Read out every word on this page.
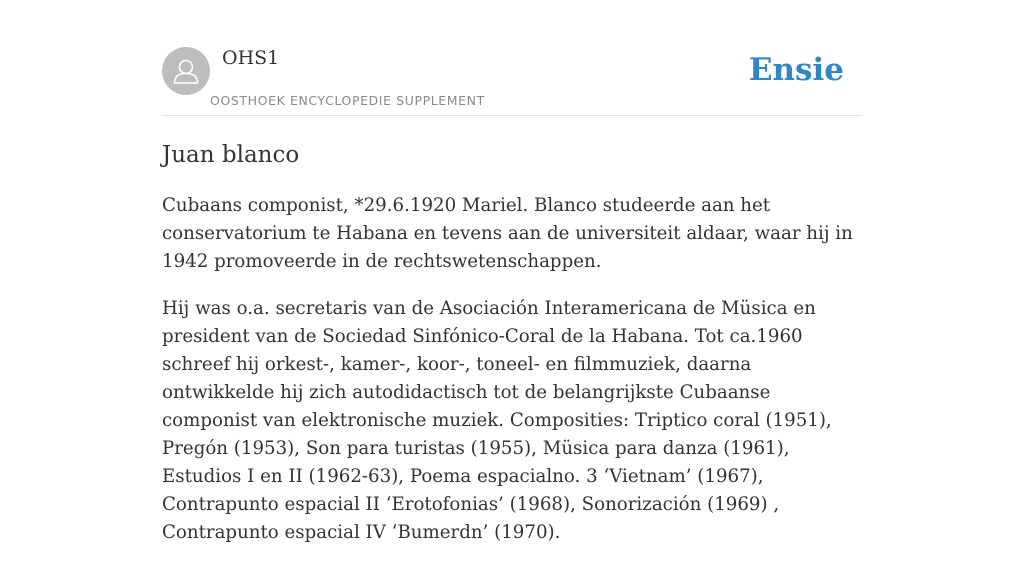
OHS1
OOSTHOEK ENCYCLOPEDIE SUPPLEMENT
Ensie
Juan blanco

Cubaans componist, *29.6.1920 Mariel. Blanco studeerde aan het conservatorium te Habana en tevens aan de universiteit aldaar, waar hij in 1942 promoveerde in de rechtswetenschappen.

Hij was o.a. secretaris van de Asociación Interamericana de Müsica en president van de Sociedad Sinfónico-Coral de la Habana. Tot ca.1960 schreef hij orkest-, kamer-, koor-, toneel- en filmmuziek, daarna ontwikkelde hij zich autodidactisch tot de belangrijkste Cubaanse componist van elektronische muziek. Composities: Triptico coral (1951), Pregón (1953), Son para turistas (1955), Müsica para danza (1961), Estudios I en II (1962-63), Poema espacialno. 3 ‘Vietnam’ (1967), Contrapunto espacial II ‘Erotofonias’ (1968), Sonorización (1969) , Contrapunto espacial IV ‘Bumerdn’ (1970).
